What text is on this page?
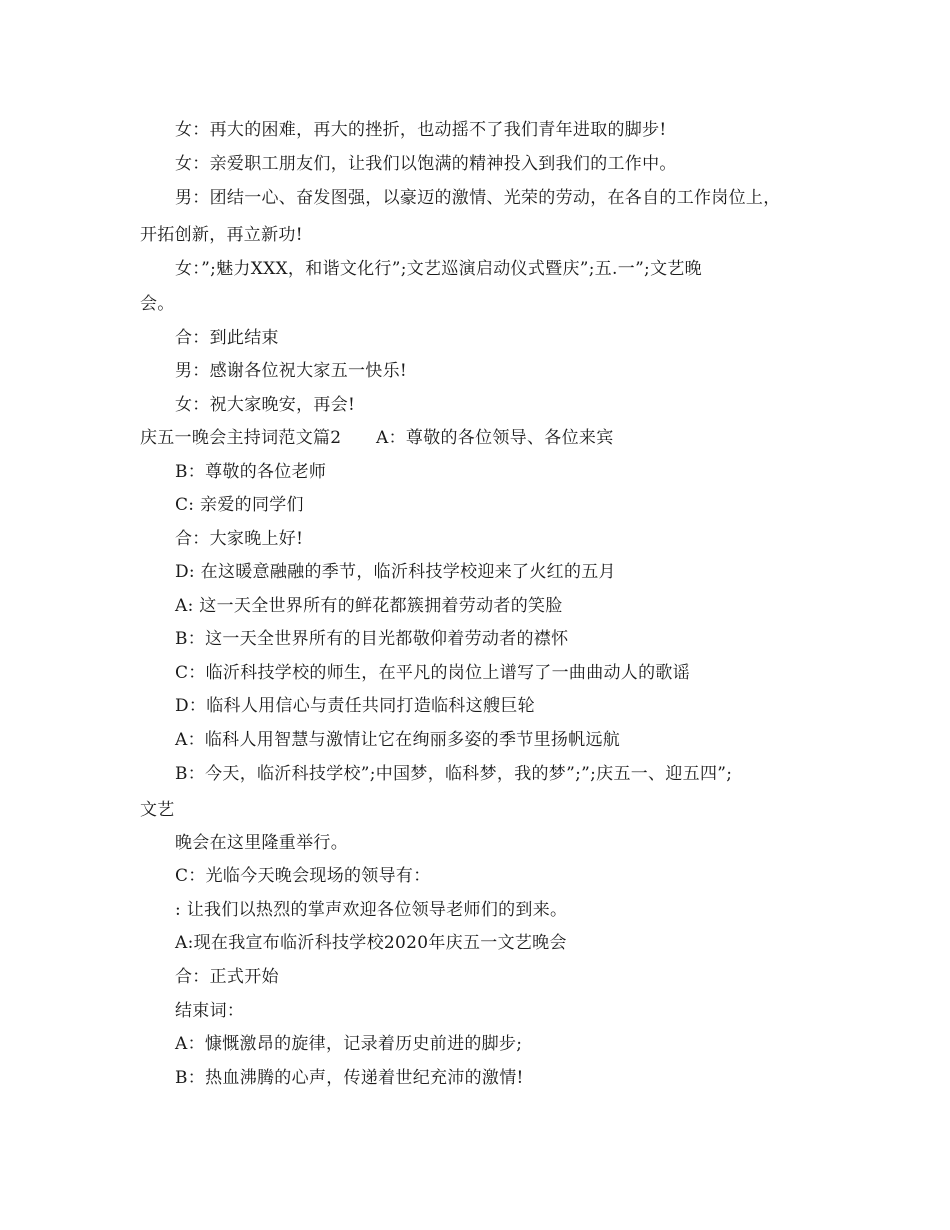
女：再大的困难，再大的挫折，也动摇不了我们青年进取的脚步!
女：亲爱职工朋友们，让我们以饱满的精神投入到我们的工作中。
男：团结一心、奋发图强，以豪迈的激情、光荣的劳动，在各自的工作岗位上，
开拓创新，再立新功!
女：”;魅力XXX，和谐文化行”;文艺巡演启动仪式暨庆”;五.一”;文艺晚
会。
合：到此结束
男：感谢各位祝大家五一快乐!
女：祝大家晚安，再会!
庆五一晚会主持词范文篇2　　A：尊敬的各位领导、各位来宾
B：尊敬的各位老师
C: 亲爱的同学们
合：大家晚上好!
D: 在这暖意融融的季节，临沂科技学校迎来了火红的五月
A: 这一天全世界所有的鲜花都簇拥着劳动者的笑脸
B：这一天全世界所有的目光都敬仰着劳动者的襟怀
C：临沂科技学校的师生，在平凡的岗位上谱写了一曲曲动人的歌谣
D：临科人用信心与责任共同打造临科这艘巨轮
A：临科人用智慧与激情让它在绚丽多姿的季节里扬帆远航
B：今天，临沂科技学校”;中国梦，临科梦，我的梦”;”;庆五一、迎五四”;
文艺
晚会在这里隆重举行。
C：光临今天晚会现场的领导有：
: 让我们以热烈的掌声欢迎各位领导老师们的到来。
A:现在我宣布临沂科技学校2020年庆五一文艺晚会
合：正式开始
结束词：
A：慷慨激昂的旋律，记录着历史前进的脚步;
B：热血沸腾的心声，传递着世纪充沛的激情!
